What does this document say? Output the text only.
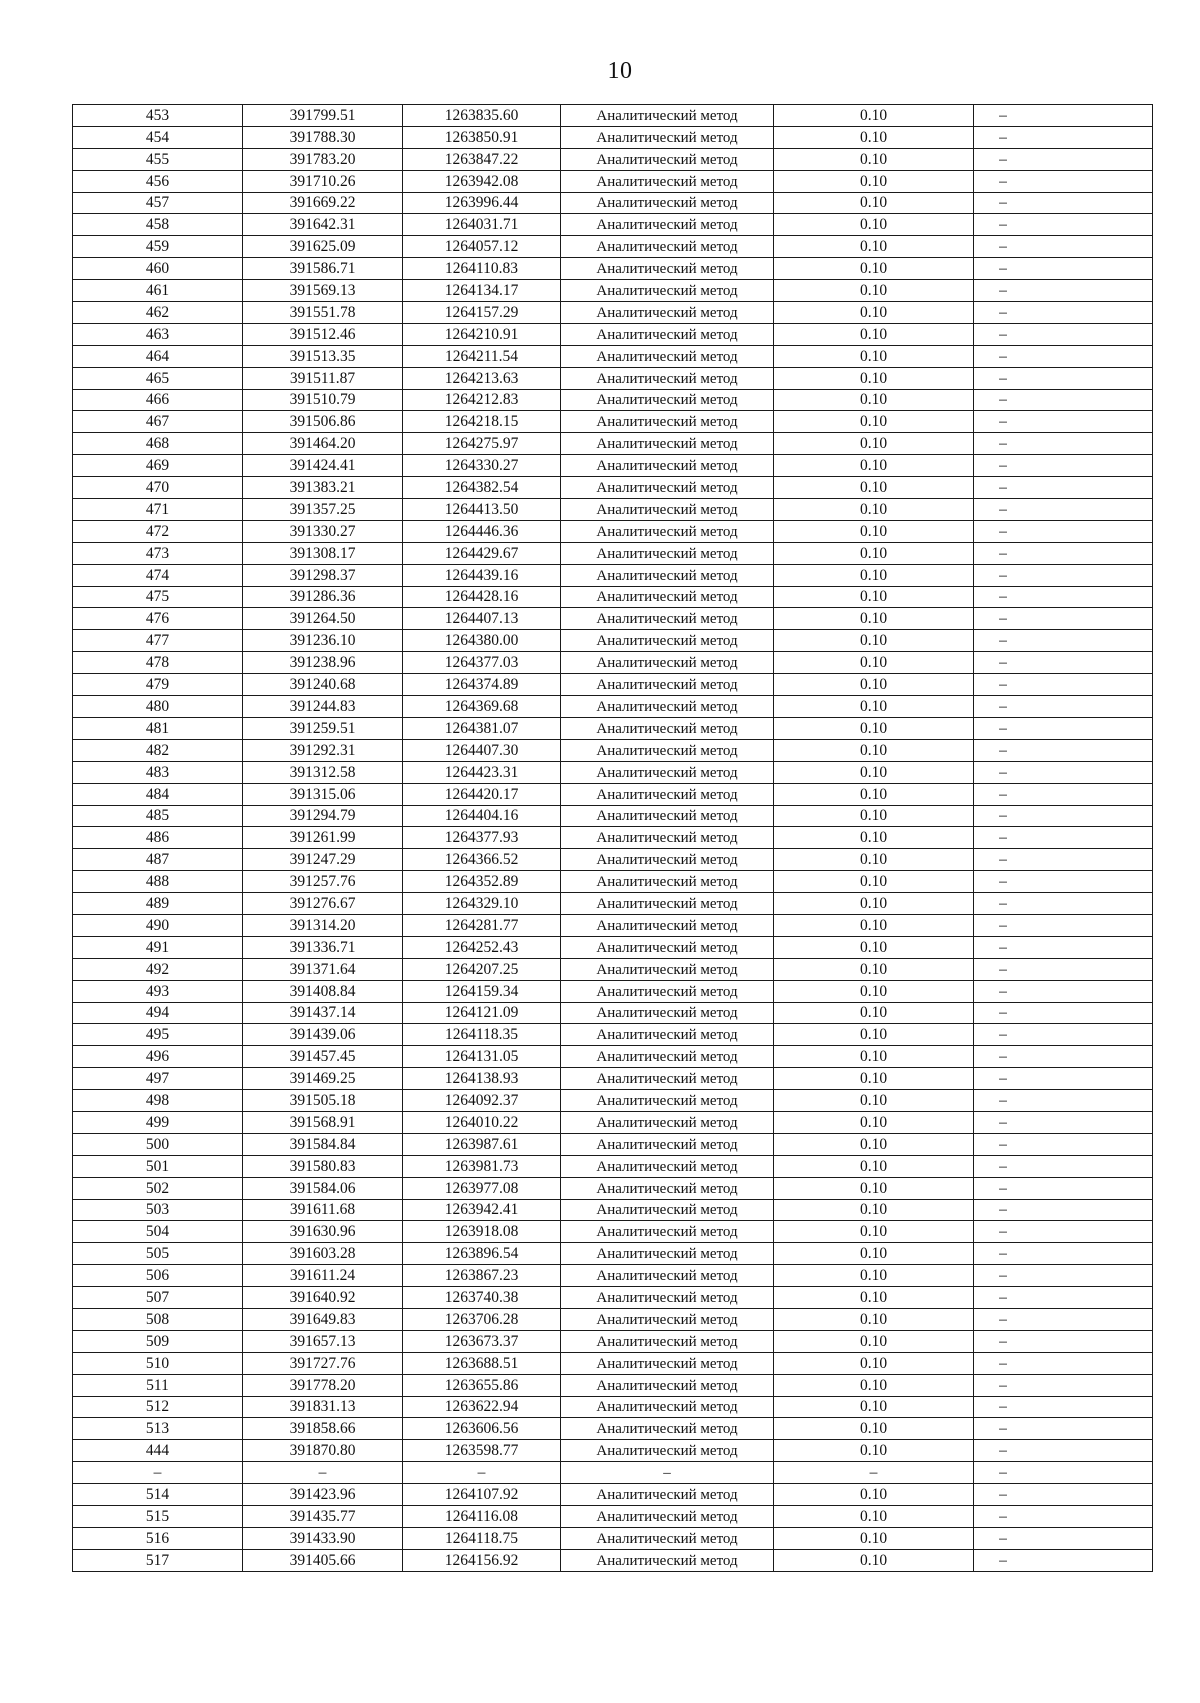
10
453	391799.51	1263835.60	Аналитический метод	0.10	–
454	391788.30	1263850.91	Аналитический метод	0.10	–
455	391783.20	1263847.22	Аналитический метод	0.10	–
456	391710.26	1263942.08	Аналитический метод	0.10	–
457	391669.22	1263996.44	Аналитический метод	0.10	–
458	391642.31	1264031.71	Аналитический метод	0.10	–
459	391625.09	1264057.12	Аналитический метод	0.10	–
460	391586.71	1264110.83	Аналитический метод	0.10	–
461	391569.13	1264134.17	Аналитический метод	0.10	–
462	391551.78	1264157.29	Аналитический метод	0.10	–
463	391512.46	1264210.91	Аналитический метод	0.10	–
464	391513.35	1264211.54	Аналитический метод	0.10	–
465	391511.87	1264213.63	Аналитический метод	0.10	–
466	391510.79	1264212.83	Аналитический метод	0.10	–
467	391506.86	1264218.15	Аналитический метод	0.10	–
468	391464.20	1264275.97	Аналитический метод	0.10	–
469	391424.41	1264330.27	Аналитический метод	0.10	–
470	391383.21	1264382.54	Аналитический метод	0.10	–
471	391357.25	1264413.50	Аналитический метод	0.10	–
472	391330.27	1264446.36	Аналитический метод	0.10	–
473	391308.17	1264429.67	Аналитический метод	0.10	–
474	391298.37	1264439.16	Аналитический метод	0.10	–
475	391286.36	1264428.16	Аналитический метод	0.10	–
476	391264.50	1264407.13	Аналитический метод	0.10	–
477	391236.10	1264380.00	Аналитический метод	0.10	–
478	391238.96	1264377.03	Аналитический метод	0.10	–
479	391240.68	1264374.89	Аналитический метод	0.10	–
480	391244.83	1264369.68	Аналитический метод	0.10	–
481	391259.51	1264381.07	Аналитический метод	0.10	–
482	391292.31	1264407.30	Аналитический метод	0.10	–
483	391312.58	1264423.31	Аналитический метод	0.10	–
484	391315.06	1264420.17	Аналитический метод	0.10	–
485	391294.79	1264404.16	Аналитический метод	0.10	–
486	391261.99	1264377.93	Аналитический метод	0.10	–
487	391247.29	1264366.52	Аналитический метод	0.10	–
488	391257.76	1264352.89	Аналитический метод	0.10	–
489	391276.67	1264329.10	Аналитический метод	0.10	–
490	391314.20	1264281.77	Аналитический метод	0.10	–
491	391336.71	1264252.43	Аналитический метод	0.10	–
492	391371.64	1264207.25	Аналитический метод	0.10	–
493	391408.84	1264159.34	Аналитический метод	0.10	–
494	391437.14	1264121.09	Аналитический метод	0.10	–
495	391439.06	1264118.35	Аналитический метод	0.10	–
496	391457.45	1264131.05	Аналитический метод	0.10	–
497	391469.25	1264138.93	Аналитический метод	0.10	–
498	391505.18	1264092.37	Аналитический метод	0.10	–
499	391568.91	1264010.22	Аналитический метод	0.10	–
500	391584.84	1263987.61	Аналитический метод	0.10	–
501	391580.83	1263981.73	Аналитический метод	0.10	–
502	391584.06	1263977.08	Аналитический метод	0.10	–
503	391611.68	1263942.41	Аналитический метод	0.10	–
504	391630.96	1263918.08	Аналитический метод	0.10	–
505	391603.28	1263896.54	Аналитический метод	0.10	–
506	391611.24	1263867.23	Аналитический метод	0.10	–
507	391640.92	1263740.38	Аналитический метод	0.10	–
508	391649.83	1263706.28	Аналитический метод	0.10	–
509	391657.13	1263673.37	Аналитический метод	0.10	–
510	391727.76	1263688.51	Аналитический метод	0.10	–
511	391778.20	1263655.86	Аналитический метод	0.10	–
512	391831.13	1263622.94	Аналитический метод	0.10	–
513	391858.66	1263606.56	Аналитический метод	0.10	–
444	391870.80	1263598.77	Аналитический метод	0.10	–
–	–	–	–	–	–
514	391423.96	1264107.92	Аналитический метод	0.10	–
515	391435.77	1264116.08	Аналитический метод	0.10	–
516	391433.90	1264118.75	Аналитический метод	0.10	–
517	391405.66	1264156.92	Аналитический метод	0.10	–
